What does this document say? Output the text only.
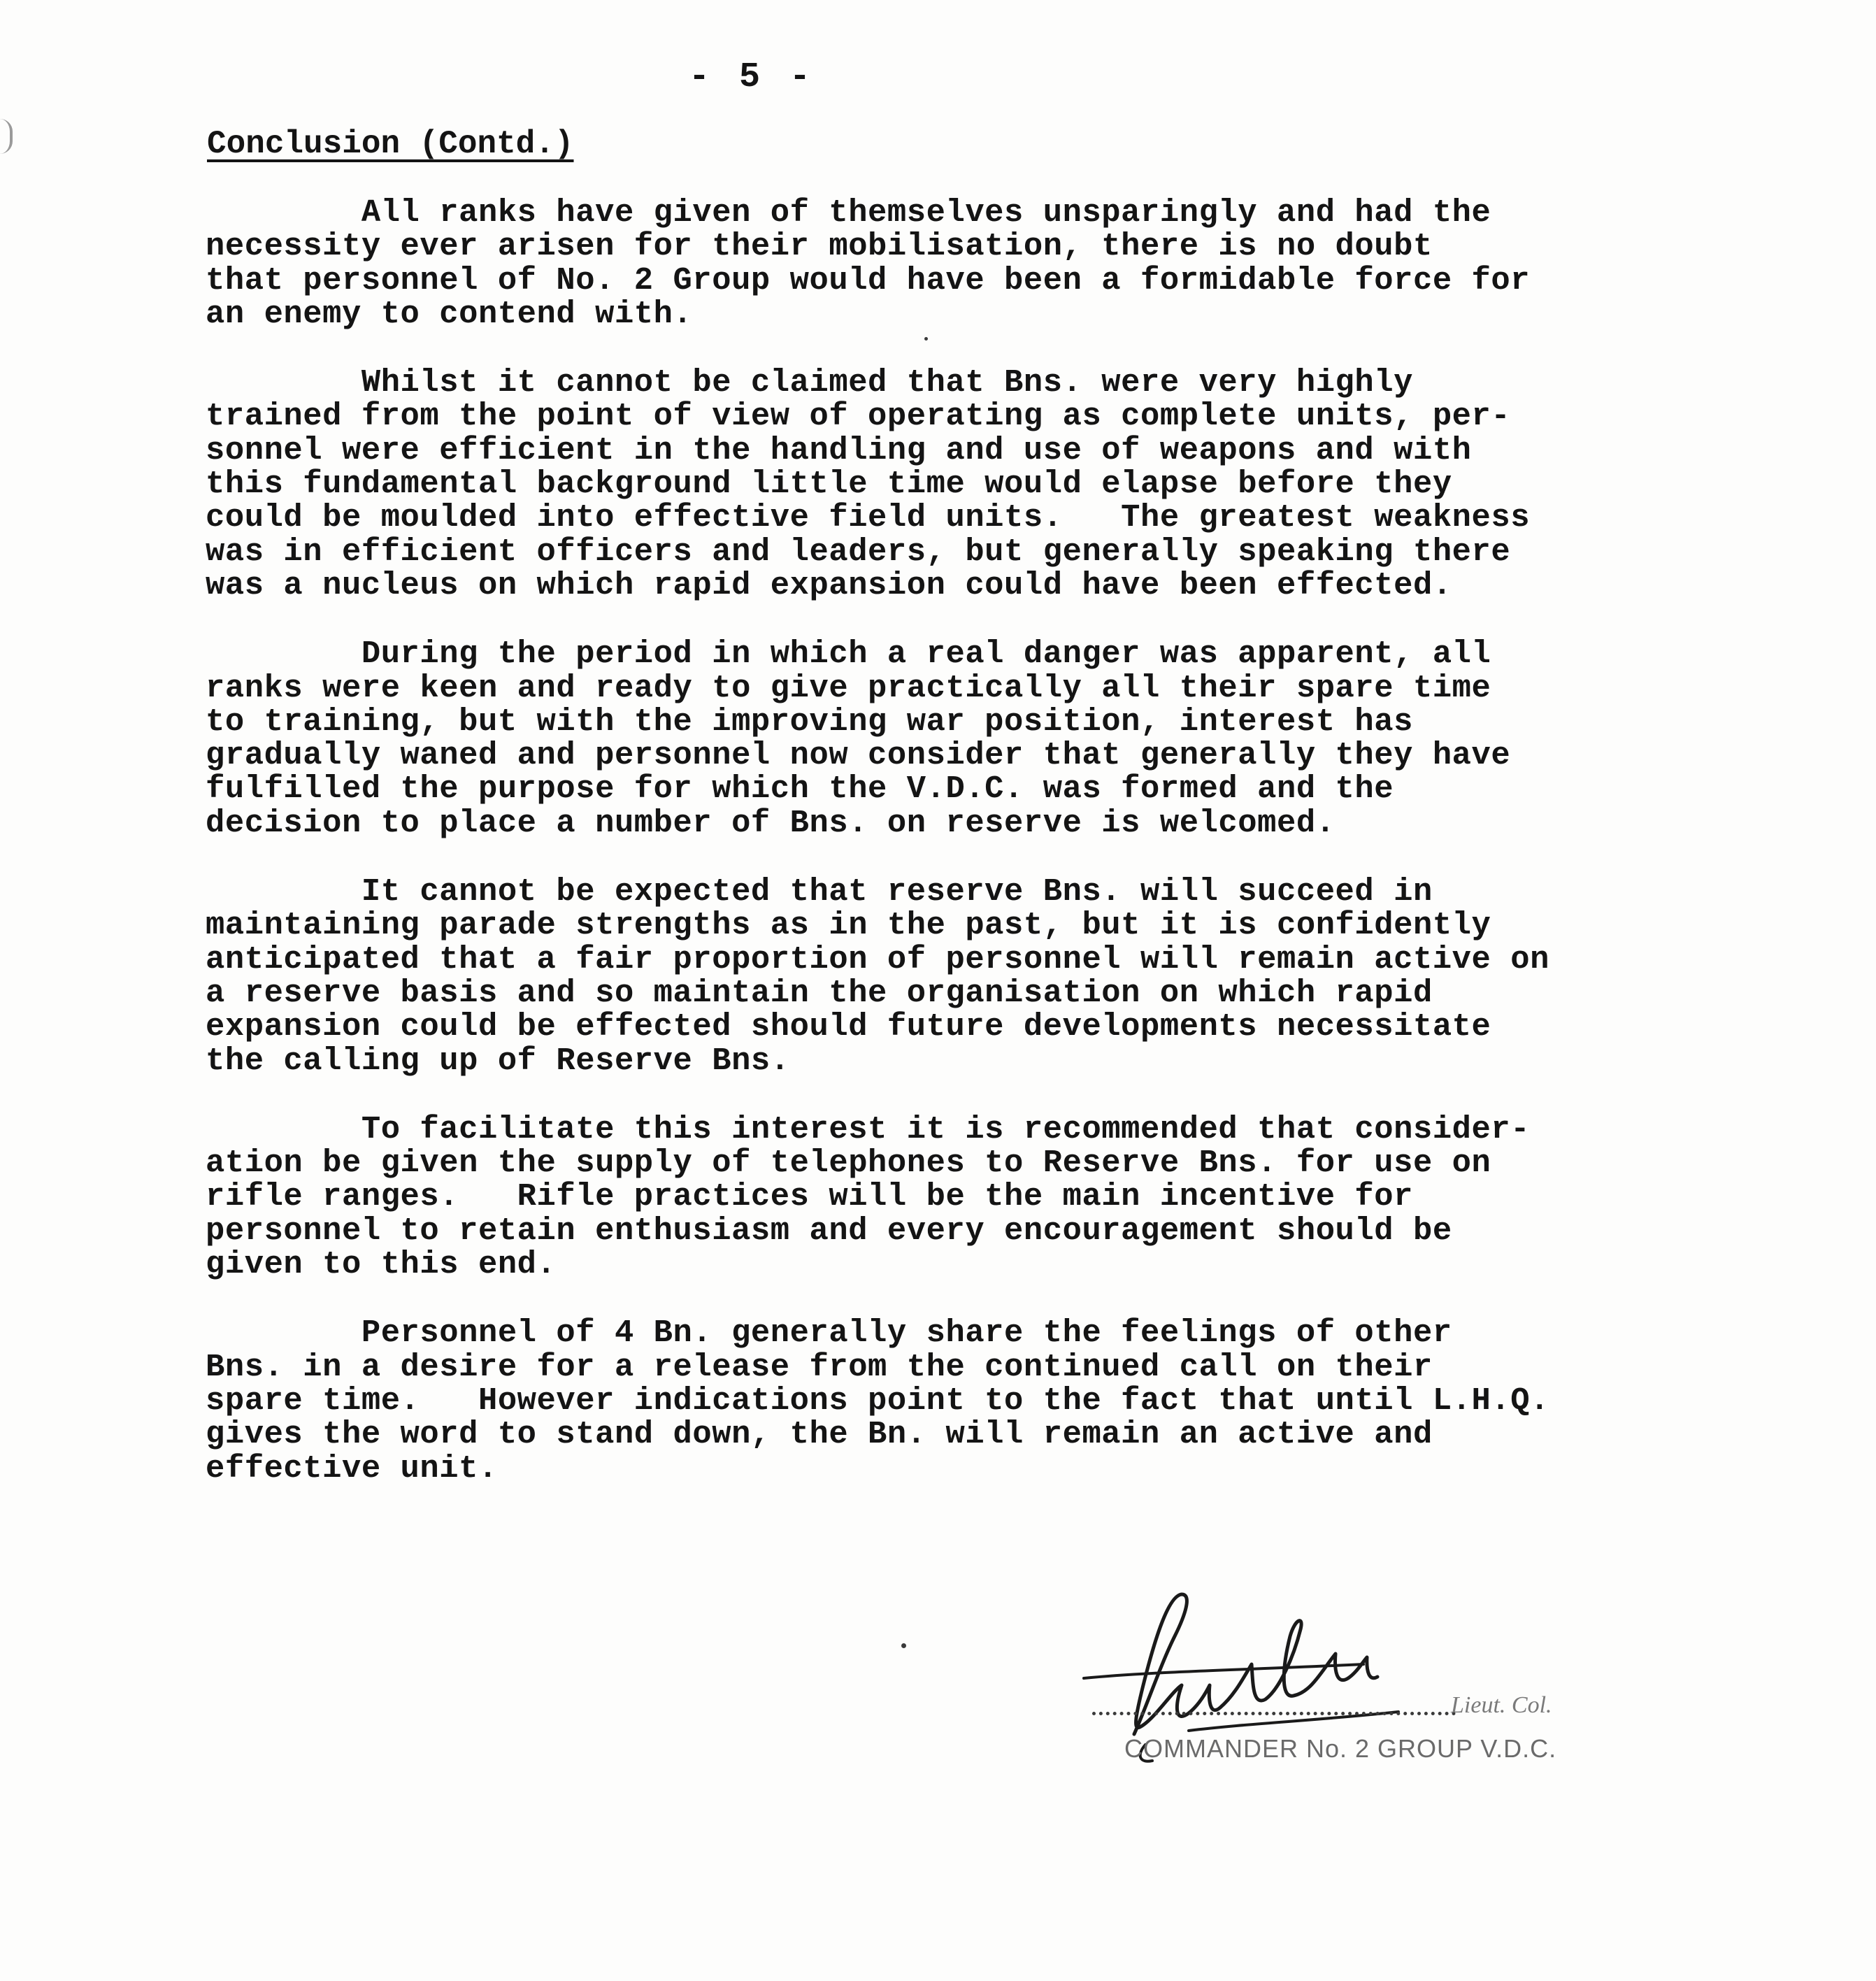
- 5 -
Conclusion (Contd.)

All ranks have given of themselves unsparingly and had the
necessity ever arisen for their mobilisation, there is no doubt
that personnel of No. 2 Group would have been a formidable force for
an enemy to contend with.

Whilst it cannot be claimed that Bns. were very highly
trained from the point of view of operating as complete units, per-
sonnel were efficient in the handling and use of weapons and with
this fundamental background little time would elapse before they
could be moulded into effective field units.   The greatest weakness
was in efficient officers and leaders, but generally speaking there
was a nucleus on which rapid expansion could have been effected.

During the period in which a real danger was apparent, all
ranks were keen and ready to give practically all their spare time
to training, but with the improving war position, interest has
gradually waned and personnel now consider that generally they have
fulfilled the purpose for which the V.D.C. was formed and the
decision to place a number of Bns. on reserve is welcomed.

It cannot be expected that reserve Bns. will succeed in
maintaining parade strengths as in the past, but it is confidently
anticipated that a fair proportion of personnel will remain active on
a reserve basis and so maintain the organisation on which rapid
expansion could be effected should future developments necessitate
the calling up of Reserve Bns.

To facilitate this interest it is recommended that consider-
ation be given the supply of telephones to Reserve Bns. for use on
rifle ranges.   Rifle practices will be the main incentive for
personnel to retain enthusiasm and every encouragement should be
given to this end.

Personnel of 4 Bn. generally share the feelings of other
Bns. in a desire for a release from the continued call on their
spare time.   However indications point to the fact that until L.H.Q.
gives the word to stand down, the Bn. will remain an active and
effective unit.

Lieut. Col.
COMMANDER No. 2 GROUP V.D.C.
